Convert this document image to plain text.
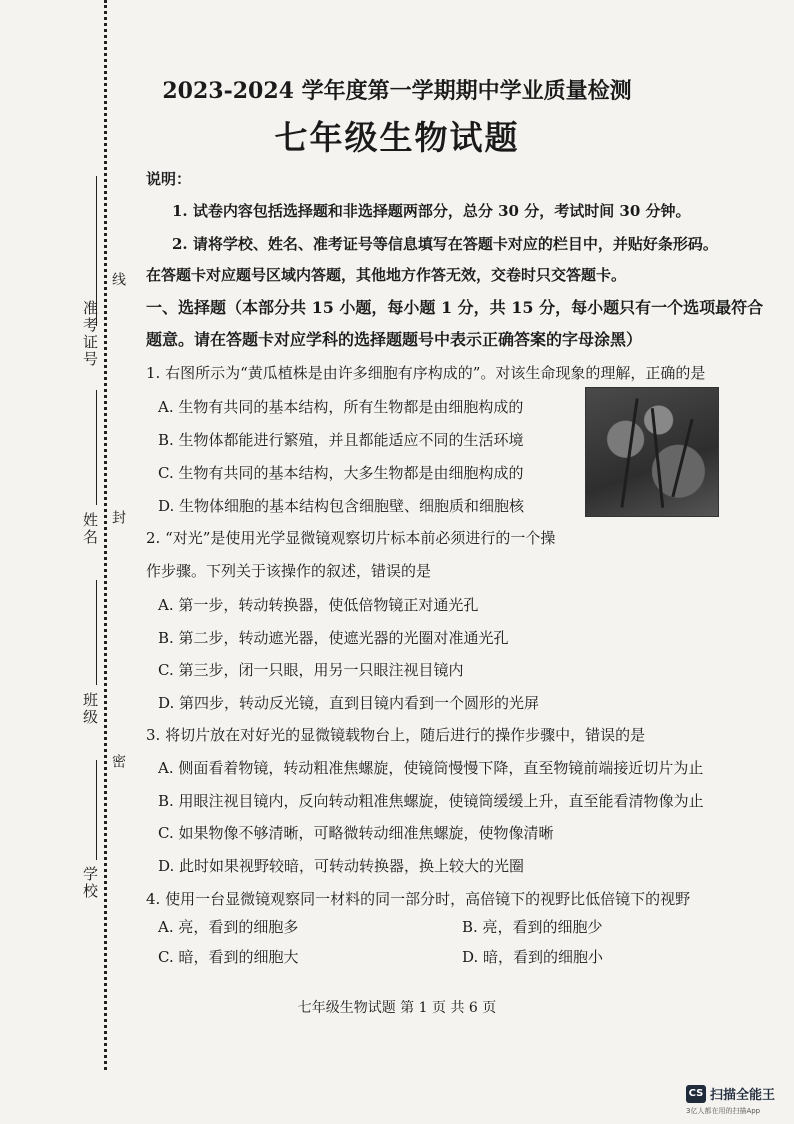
准考证号
姓名
班级
学校
线
封
密
2023-2024 学年度第一学期期中学业质量检测
七年级生物试题
说明：
1. 试卷内容包括选择题和非选择题两部分，总分 30 分，考试时间 30 分钟。
2. 请将学校、姓名、准考证号等信息填写在答题卡对应的栏目中，并贴好条形码。
在答题卡对应题号区域内答题，其他地方作答无效，交卷时只交答题卡。
一、选择题（本部分共 15 小题，每小题 1 分，共 15 分，每小题只有一个选项最符合
题意。请在答题卡对应学科的选择题题号中表示正确答案的字母涂黑）
1. 右图所示为“黄瓜植株是由许多细胞有序构成的”。对该生命现象的理解，正确的是
A. 生物有共同的基本结构，所有生物都是由细胞构成的
B. 生物体都能进行繁殖，并且都能适应不同的生活环境
C. 生物有共同的基本结构，大多生物都是由细胞构成的
D. 生物体细胞的基本结构包含细胞壁、细胞质和细胞核
2. “对光”是使用光学显微镜观察切片标本前必须进行的一个操
作步骤。下列关于该操作的叙述，错误的是
A. 第一步，转动转换器，使低倍物镜正对通光孔
B. 第二步，转动遮光器，使遮光器的光圈对准通光孔
C. 第三步，闭一只眼，用另一只眼注视目镜内
D. 第四步，转动反光镜，直到目镜内看到一个圆形的光屏
3. 将切片放在对好光的显微镜载物台上，随后进行的操作步骤中，错误的是
A. 侧面看着物镜，转动粗准焦螺旋，使镜筒慢慢下降，直至物镜前端接近切片为止
B. 用眼注视目镜内，反向转动粗准焦螺旋，使镜筒缓缓上升，直至能看清物像为止
C. 如果物像不够清晰，可略微转动细准焦螺旋，使物像清晰
D. 此时如果视野较暗，可转动转换器，换上较大的光圈
4. 使用一台显微镜观察同一材料的同一部分时，高倍镜下的视野比低倍镜下的视野
A. 亮，看到的细胞多	B. 亮，看到的细胞少
C. 暗，看到的细胞大	D. 暗，看到的细胞小
七年级生物试题 第 1 页 共 6 页
CS 扫描全能王
3亿人都在用的扫描App
